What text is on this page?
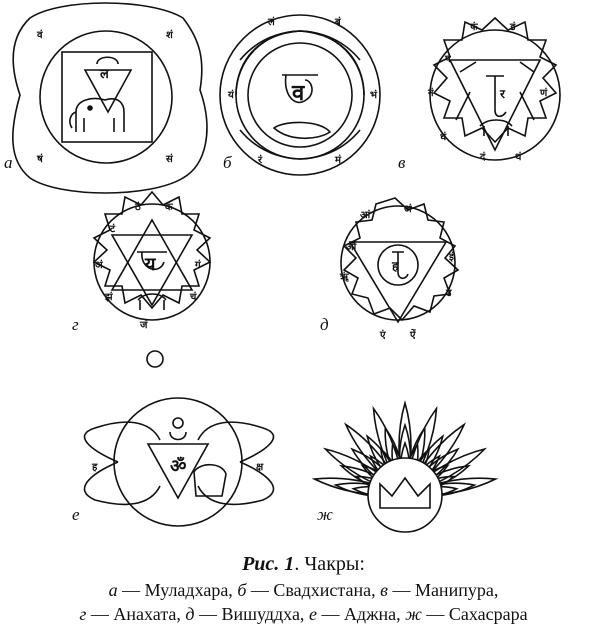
वं	शं
षं	सं
ल
а
लं	बं
यं	भं
रं	मं
व
б
फं	डं
पं
णं
नं
धं
दं	थं
र
в
ठं कं
टं
अं	गं
झं	चं
जं
य
г
आं
अं
औं
इं
ॠं
उं
एं ऐं
ह
д
ॐ
ह	क्ष
е	ж
Рис. 1. Чакры:
а — Муладхара, б — Свадхистана, в — Манипура,
г — Анахата, д — Вишуддха, е — Аджна, ж — Сахасрара
